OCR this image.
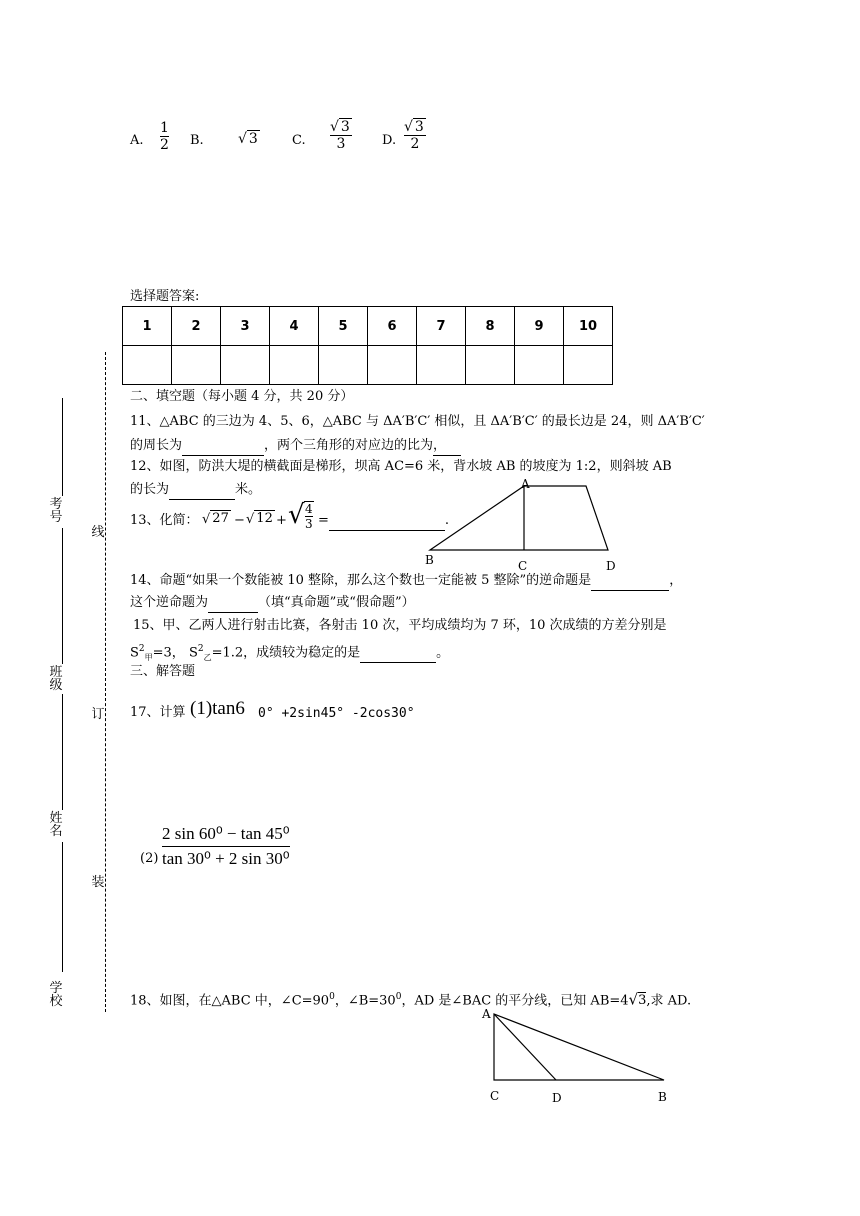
A.
1
2 B. √ 3	C.
√ 3
3	D.
√ 3
2
选择题答案:
1	2	3	4	5	6	7	8	9	10

二、填空题（每小题 4 分，共 20 分）
11、△ABC 的三边为 4、5、6，△ABC 与 ΔA′B′C′ 相似，且 ΔA′B′C′ 的最长边是 24，则 ΔA′B′C′
的周长为	，两个三角形的对应边的比为，
12、如图，防洪大堤的横截面是梯形，坝高 AC=6 米，背水坡 AB 的坡度为 1:2，则斜坡 AB
的长为	米。
13、化简： √ 27 − √ 12 + √ 4
3 =	.
A
B	C	D
14、命题“如果一个数能被 10 整除，那么这个数也一定能被 5 整除”的逆命题是	，
这个逆命题为	（填“真命题”或“假命题”）
15、甲、乙两人进行射击比赛，各射击 10 次，平均成绩均为 7 环，10 次成绩的方差分别是
$S^2_甲=3$， $S^2_乙=1.2$，成绩较为稳定的是	。
三、解答题
17、计算 (1)tan6 0° +2sin45° -2cos30°
(2)
2 sin 60⁰ − tan 45⁰
tan 30⁰ + 2 sin 30⁰
18、如图，在△ABC 中，$\angle C=90^0$，$\angle B=30^0$，AD 是∠BAC 的平分线，已知 AB=4√3,求 AD.
A
C	D	B
考号
班级
姓名
学校
线
订
装
